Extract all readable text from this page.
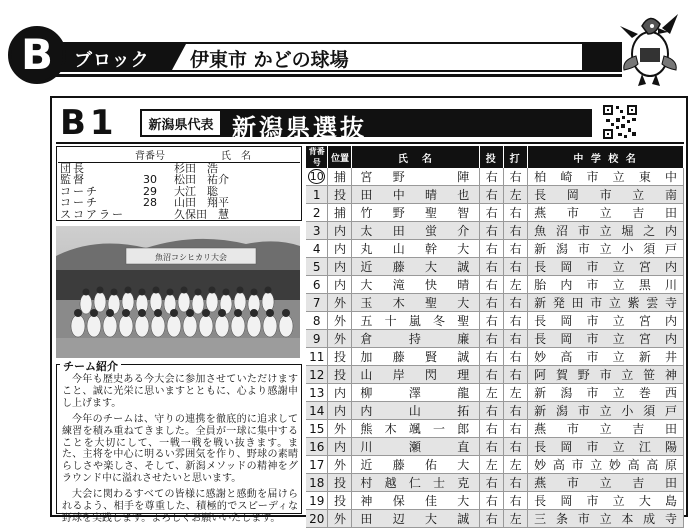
B ブロック 伊東市 かどの球場
B1	新潟県代表 新潟県選抜
	背番号	氏　名
団長		杉田　浩
監督	30	松田　祐介
コーチ	29	大江　聡
コーチ	28	山田　翔平
スコアラー		久保田　慧
魚沼コシヒカリ大会
チーム紹介

今年も歴史ある今大会に参加させていただけますこと、誠に光栄に思いますとともに、心より感謝申し上げます。

今年のチームは、守りの連携を徹底的に追求して練習を積み重ねてきました。全員が一球に集中することを大切にして、一戦一戦を戦い抜きます。また、主将を中心に明るい雰囲気を作り、野球の素晴らしさや楽しさ、そして、新潟メソッドの精神をグラウンド中に溢れさせたいと思います。

大会に関わるすべての皆様に感謝と感動を届けられるよう、相手を尊重した、積極的でスピーディな野球を実践します。よろしくお願いいたします。

背番号	位置	氏　名	投	打	中 学 校 名
10	捕	宮野　陣	右	右	柏崎市立東中
1	投	田中晴也	右	左	長岡市立南
2	捕	竹野聖智	右	右	燕市立吉田
3	内	太田蛍介	右	右	魚沼市立堀之内
4	内	丸山幹大	右	右	新潟市立小須戸
5	内	近藤大誠	右	右	長岡市立宮内
6	内	大滝快晴	右	左	胎内市立黒川
7	外	玉木聖大	右	右	新発田市立紫雲寺
8	外	五十嵐冬聖	右	右	長岡市立宮内
9	外	倉持廉	右	右	長岡市立宮内
11	投	加藤賢誠	右	右	妙高市立新井
12	投	山岸閃理	右	右	阿賀野市立笹神
13	内	柳澤龍	左	左	新潟市立巻西
14	内	内山拓	右	右	新潟市立小須戸
15	外	熊木颯一郎	右	右	燕市立吉田
16	内	川瀬直	右	右	長岡市立江陽
17	外	近藤佑大	左	左	妙高市立妙高高原
18	投	村越仁士克	右	右	燕市立吉田
19	投	神保佳大	右	右	長岡市立大島
20	外	田辺大誠	右	左	三条市立本成寺
